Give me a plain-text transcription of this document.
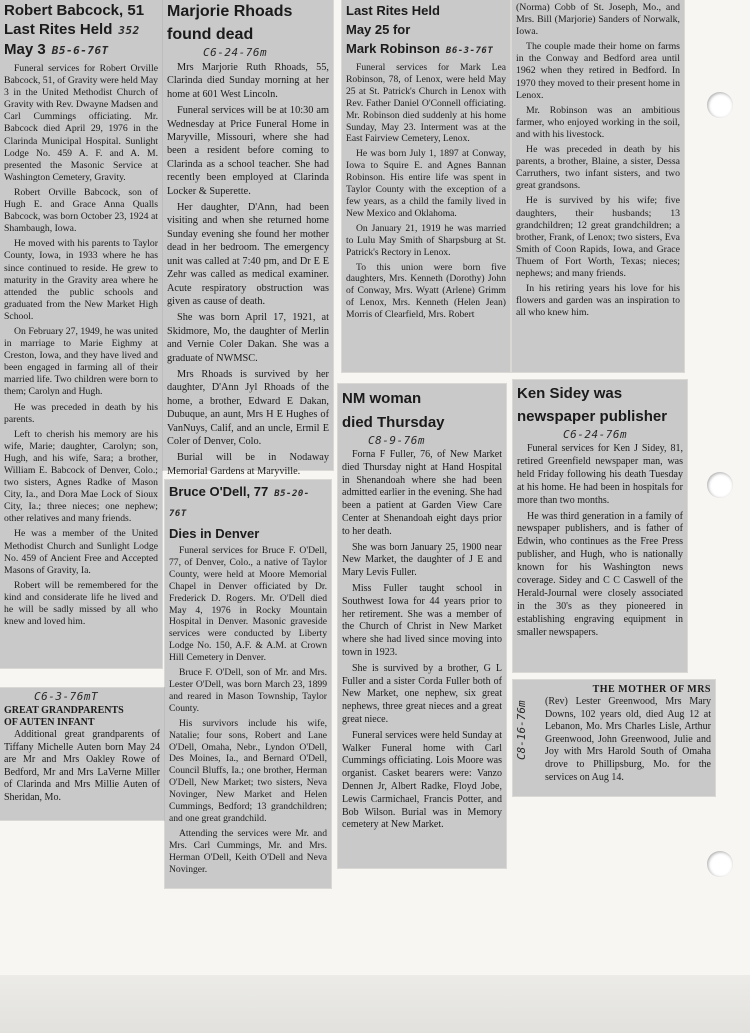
Robert Babcock, 51
Last Rites Held 352
May 3 B5-6-76T

Funeral services for Robert Orville Babcock, 51, of Gravity were held May 3 in the United Methodist Church of Gravity with Rev. Dwayne Madsen and Carl Cummings officiating. Mr. Babcock died April 29, 1976 in the Clarinda Municipal Hospital. Sunlight Lodge No. 459 A. F. and A. M. presented the Masonic Service at Washington Cemetery, Gravity.

Robert Orville Babcock, son of Hugh E. and Grace Anna Qualls Babcock, was born October 23, 1924 at Shambaugh, Iowa.

He moved with his parents to Taylor County, Iowa, in 1933 where he has since continued to reside. He grew to maturity in the Gravity area where he attended the public schools and graduated from the New Market High School.

On February 27, 1949, he was united in marriage to Marie Eighmy at Creston, Iowa, and they have lived and been engaged in farming all of their married life. Two children were born to them; Carolyn and Hugh.

He was preceded in death by his parents.

Left to cherish his memory are his wife, Marie; daughter, Carolyn; son, Hugh, and his wife, Sara; a brother, William E. Babcock of Denver, Colo.; two sisters, Agnes Radke of Mason City, Ia., and Dora Mae Lock of Sioux City, Ia.; three nieces; one nephew; other relatives and many friends.

He was a member of the United Methodist Church and Sunlight Lodge No. 459 of Ancient Free and Accepted Masons of Gravity, Ia.

Robert will be remembered for the kind and considerate life he lived and he will be sadly missed by all who knew and loved him.

Marjorie Rhoads
found dead
C6-24-76m

Mrs Marjorie Ruth Rhoads, 55, Clarinda died Sunday morning at her home at 601 West Lincoln.

Funeral services will be at 10:30 am Wednesday at Price Funeral Home in Maryville, Missouri, where she had been a resident before coming to Clarinda as a school teacher. She had recently been employed at Clarinda Locker & Superette.

Her daughter, D'Ann, had been visiting and when she returned home Sunday evening she found her mother dead in her bedroom. The emergency unit was called at 7:40 pm, and Dr E E Zehr was called as medical examiner. Acute respiratory obstruction was given as cause of death.

She was born April 17, 1921, at Skidmore, Mo, the daughter of Merlin and Vernie Coler Dakan. She was a graduate of NWMSC.

Mrs Rhoads is survived by her daughter, D'Ann Jyl Rhoads of the home, a brother, Edward E Dakan, Dubuque, an aunt, Mrs H E Hughes of VanNuys, Calif, and an uncle, Ermil E Coler of Denver, Colo.

Burial will be in Nodaway Memorial Gardens at Maryville.

Last Rites Held
May 25 for
Mark Robinson B6-3-76T

Funeral services for Mark Lea Robinson, 78, of Lenox, were held May 25 at St. Patrick's Church in Lenox with Rev. Father Daniel O'Connell officiating. Mr. Robinson died suddenly at his home Sunday, May 23. Interment was at the East Fairview Cemetery, Lenox.

He was born July 1, 1897 at Conway, Iowa to Squire E. and Agnes Bannan Robinson. His entire life was spent in Taylor County with the exception of a few years, as a child the family lived in New Mexico and Oklahoma.

On January 21, 1919 he was married to Lulu May Smith of Sharpsburg at St. Patrick's Rectory in Lenox.

To this union were born five daughters, Mrs. Kenneth (Dorothy) John of Conway, Mrs. Wyatt (Arlene) Grimm of Lenox, Mrs. Kenneth (Helen Jean) Morris of Clearfield, Mrs. Robert

(Norma) Cobb of St. Joseph, Mo., and Mrs. Bill (Marjorie) Sanders of Norwalk, Iowa.

The couple made their home on farms in the Conway and Bedford area until 1962 when they retired in Bedford. In 1970 they moved to their present home in Lenox.

Mr. Robinson was an ambitious farmer, who enjoyed working in the soil, and with his livestock.

He was preceded in death by his parents, a brother, Blaine, a sister, Dessa Carruthers, two infant sisters, and two great grandsons.

He is survived by his wife; five daughters, their husbands; 13 grandchildren; 12 great grandchildren; a brother, Frank, of Lenox; two sisters, Eva Smith of Coon Rapids, Iowa, and Grace Thuem of Fort Worth, Texas; nieces; nephews; and many friends.

In his retiring years his love for his flowers and garden was an inspiration to all who knew him.

Bruce O'Dell, 77 B5-20-76T
Dies in Denver

Funeral services for Bruce F. O'Dell, 77, of Denver, Colo., a native of Taylor County, were held at Moore Memorial Chapel in Denver officiated by Dr. Frederick D. Rogers. Mr. O'Dell died May 4, 1976 in Rocky Mountain Hospital in Denver. Masonic graveside services were conducted by Liberty Lodge No. 150, A.F. & A.M. at Crown Hill Cemetery in Denver.

Bruce F. O'Dell, son of Mr. and Mrs. Lester O'Dell, was born March 23, 1899 and reared in Mason Township, Taylor County.

His survivors include his wife, Natalie; four sons, Robert and Lane O'Dell, Omaha, Nebr., Lyndon O'Dell, Des Moines, Ia., and Bernard O'Dell, Council Bluffs, Ia.; one brother, Herman O'Dell, New Market; two sisters, Neva Novinger, New Market and Helen Cummings, Bedford; 13 grandchildren; and one great grandchild.

Attending the services were Mr. and Mrs. Carl Cummings, Mr. and Mrs. Herman O'Dell, Keith O'Dell and Neva Novinger.

NM woman
died Thursday
C8-9-76m

Forna F Fuller, 76, of New Market died Thursday night at Hand Hospital in Shenandoah where she had been admitted earlier in the evening. She had been a patient at Garden View Care Center at Shenandoah eight days prior to her death.

She was born January 25, 1900 near New Market, the daughter of J E and Mary Levis Fuller.

Miss Fuller taught school in Southwest Iowa for 44 years prior to her retirement. She was a member of the Church of Christ in New Market where she had lived since moving into town in 1923.

She is survived by a brother, G L Fuller and a sister Corda Fuller both of New Market, one nephew, six great nephews, three great nieces and a great great niece.

Funeral services were held Sunday at Walker Funeral home with Carl Cummings officiating. Lois Moore was organist. Casket bearers were: Vanzo Dennen Jr, Albert Radke, Floyd Jobe, Lewis Carmichael, Francis Potter, and Bob Wilson. Burial was in Memory cemetery at New Market.

Ken Sidey was
newspaper publisher
C6-24-76m

Funeral services for Ken J Sidey, 81, retired Greenfield newspaper man, was held Friday following his death Tuesday at his home. He had been in hospitals for more than two months.

He was third generation in a family of newspaper publishers, and is father of Edwin, who continues as the Free Press publisher, and Hugh, who is nationally known for his Washington news coverage. Sidey and C C Caswell of the Herald-Journal were closely associated in the 30's as they pioneered in establishing engraving equipment in smaller newspapers.

C6-3-76mT
GREAT GRANDPARENTS
OF AUTEN INFANT

Additional great grandparents of Tiffany Michelle Auten born May 24 are Mr and Mrs Oakley Rowe of Bedford, Mr and Mrs LaVerne Miller of Clarinda and Mrs Millie Auten of Sheridan, Mo.

C8-16-76m
THE MOTHER OF MRS

(Rev) Lester Greenwood, Mrs Mary Downs, 102 years old, died Aug 12 at Lebanon, Mo. Mrs Charles Lisle, Arthur Greenwood, John Greenwood, Julie and Joy with Mrs Harold South of Omaha drove to Phillipsburg, Mo. for the services on Aug 14.
